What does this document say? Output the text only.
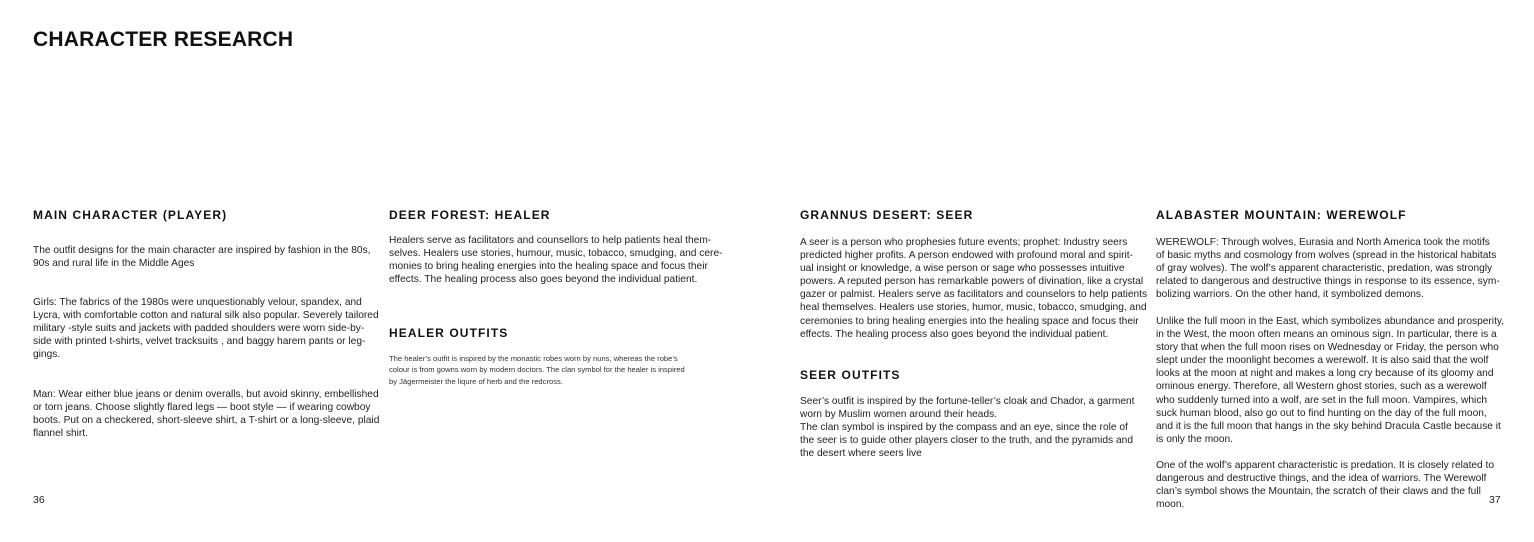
CHARACTER RESEARCH
MAIN CHARACTER (PLAYER)
The outfit designs for the main character are inspired by fashion in the 80s,
90s and rural life in the Middle Ages
Girls: The fabrics of the 1980s were unquestionably velour, spandex, and
Lycra, with comfortable cotton and natural silk also popular. Severely tailored
military -style suits and jackets with padded shoulders were worn side-by-
side with printed t-shirts, velvet tracksuits , and baggy harem pants or leg-
gings.
Man: Wear either blue jeans or denim overalls, but avoid skinny, embellished
or torn jeans. Choose slightly flared legs — boot style — if wearing cowboy
boots. Put on a checkered, short-sleeve shirt, a T-shirt or a long-sleeve, plaid
flannel shirt.
DEER FOREST: HEALER
Healers serve as facilitators and counsellors to help patients heal them-
selves. Healers use stories, humour, music, tobacco, smudging, and cere-
monies to bring healing energies into the healing space and focus their
effects. The healing process also goes beyond the individual patient.
HEALER OUTFITS
The healer’s outfit is inspired by the monastic robes worn by nuns, whereas the robe’s
colour is from gowns worn by modern doctors. The clan symbol for the healer is inspired
by Jägermeister the liqure of herb and the redcross.
GRANNUS DESERT: SEER
A seer is a person who prophesies future events; prophet: Industry seers
predicted higher profits. A person endowed with profound moral and spirit-
ual insight or knowledge, a wise person or sage who possesses intuitive
powers. A reputed person has remarkable powers of divination, like a crystal
gazer or palmist. Healers serve as facilitators and counselors to help patients
heal themselves. Healers use stories, humor, music, tobacco, smudging, and
ceremonies to bring healing energies into the healing space and focus their
effects. The healing process also goes beyond the individual patient.
SEER OUTFITS
Seer’s outfit is inspired by the fortune-teller’s cloak and Chador, a garment
worn by Muslim women around their heads.
The clan symbol is inspired by the compass and an eye, since the role of
the seer is to guide other players closer to the truth, and the pyramids and
the desert where seers live
ALABASTER MOUNTAIN: WEREWOLF
WEREWOLF: Through wolves, Eurasia and North America took the motifs
of basic myths and cosmology from wolves (spread in the historical habitats
of gray wolves). The wolf’s apparent characteristic, predation, was strongly
related to dangerous and destructive things in response to its essence, sym-
bolizing warriors. On the other hand, it symbolized demons.
Unlike the full moon in the East, which symbolizes abundance and prosperity,
in the West, the moon often means an ominous sign. In particular, there is a
story that when the full moon rises on Wednesday or Friday, the person who
slept under the moonlight becomes a werewolf. It is also said that the wolf
looks at the moon at night and makes a long cry because of its gloomy and
ominous energy. Therefore, all Western ghost stories, such as a werewolf
who suddenly turned into a wolf, are set in the full moon. Vampires, which
suck human blood, also go out to find hunting on the day of the full moon,
and it is the full moon that hangs in the sky behind Dracula Castle because it
is only the moon.
One of the wolf’s apparent characteristic is predation. It is closely related to
dangerous and destructive things, and the idea of warriors. The Werewolf
clan’s symbol shows the Mountain, the scratch of their claws and the full
moon.
36	37
